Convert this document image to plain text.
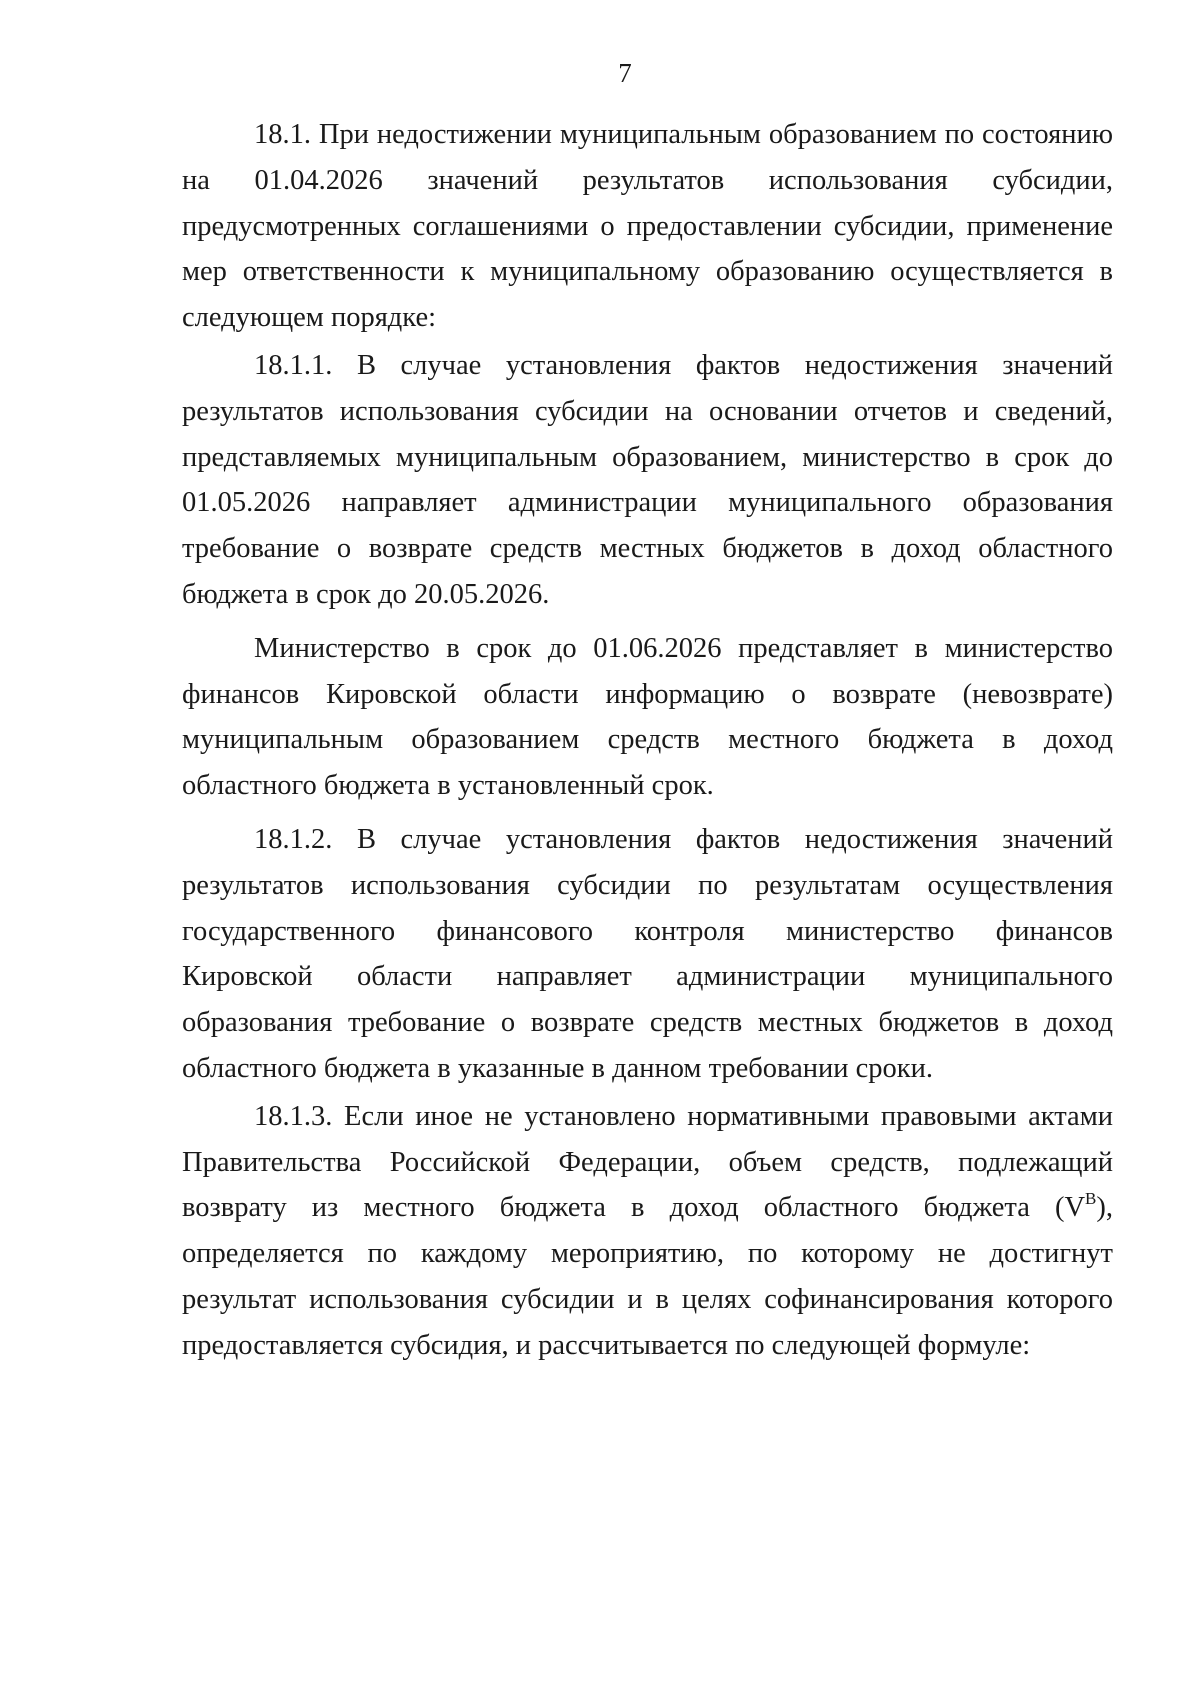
7

18.1. При недостижении муниципальным образованием по состоянию на 01.04.2026 значений результатов использования субсидии, предусмотренных соглашениями о предоставлении субсидии, применение мер ответственности к муниципальному образованию осуществляется в следующем порядке:

18.1.1. В случае установления фактов недостижения значений результатов использования субсидии на основании отчетов и сведений, представляемых муниципальным образованием, министерство в срок до 01.05.2026 направляет администрации муниципального образования требование о возврате средств местных бюджетов в доход областного бюджета в срок до 20.05.2026.

Министерство в срок до 01.06.2026 представляет в министерство финансов Кировской области информацию о возврате (невозврате) муниципальным образованием средств местного бюджета в доход областного бюджета в установленный срок.

18.1.2. В случае установления фактов недостижения значений результатов использования субсидии по результатам осуществления государственного финансового контроля министерство финансов Кировской области направляет администрации муниципального образования требование о возврате средств местных бюджетов в доход областного бюджета в указанные в данном требовании сроки.

18.1.3. Если иное не установлено нормативными правовыми актами Правительства Российской Федерации, объем средств, подлежащий возврату из местного бюджета в доход областного бюджета $(V^В)$, определяется по каждому мероприятию, по которому не достигнут результат использования субсидии и в целях софинансирования которого предоставляется субсидия, и рассчитывается по следующей формуле:
